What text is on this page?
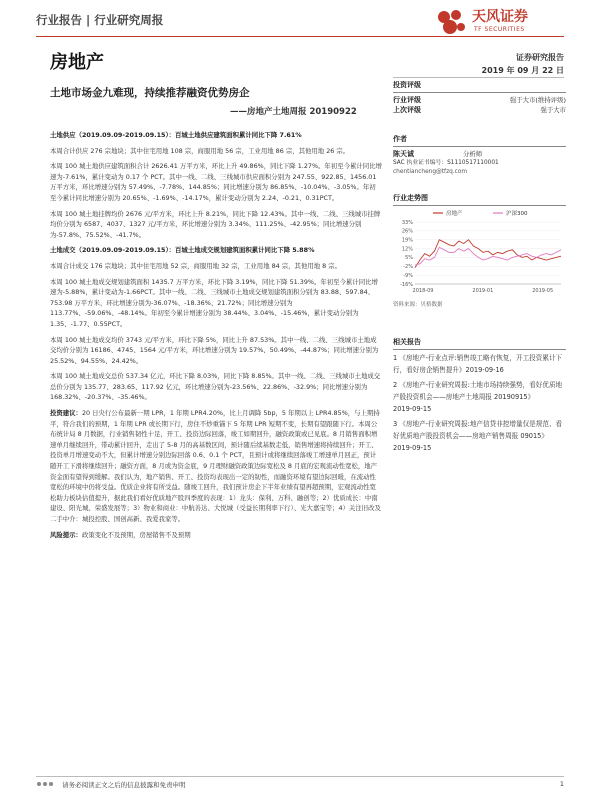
行业报告 | 行业研究周报	天风证券
TF SECURITIES
房地产	证券研究报告
2019 年 09 月 22 日
土地市场金九难现，持续推荐融资优势房企
——房地产土地周报 20190922

土地供应（2019.09.09-2019.09.15）：百城土地供应建筑面积累计同比下降 7.61%

本周合计供应 276 宗地块；其中住宅用地 108 宗，商服用地 56 宗，工业用地 86 宗，其他用地 26 宗。

本周 100 城土地供应建筑面积合计 2626.41 万平方米，环比上升 49.86%，同比下降 1.27%。年初至今累计同比增速为-7.61%，累计变动为 0.17 个 PCT。其中一线、二线、三线城市供应面积分别为 247.55、922.85、1456.01 万平方米，环比增速分别为 57.49%、-7.78%、144.85%；同比增速分别为 86.85%、-10.04%、-3.05%。年初至今累计同比增速分别为 20.65%、-1.69%、-14.17%，累计变动分别为 2.24、-0.21、0.31PCT。

本周 100 城土地挂牌均价 2676 元/平方米，环比上升 8.21%，同比下降 12.43%。其中一线、二线、三线城市挂牌均价分别为 6587、4037、1327 元/平方米，环比增速分别为 3.34%、111.25%、-42.95%；同比增速分别为-57.8%、75.52%、-41.7%。

土地成交（2019.09.09-2019.09.15）：百城土地成交规划建筑面积累计同比下降 5.88%

本周合计成交 176 宗地块；其中住宅用地 52 宗，商服用地 32 宗，工业用地 84 宗，其他用地 8 宗。

本周 100 城土地成交规划建筑面积 1435.7 万平方米，环比下降 3.19%，同比下降 51.39%。年初至今累计同比增速为-5.88%，累计变动为-1.66PCT。其中一线、二线、三线城市土地成交规划建筑面积分别为 83.88、597.84、753.98 万平方米，环比增速分别为-36.07%、-18.36%、21.72%；同比增速分别为 113.77%、-59.06%、-48.14%。年初至今累计增速分别为 38.44%、3.04%、-15.46%，累计变动分别为 1.35、-1.77、0.55PCT。

本周 100 城土地成交均价 3743 元/平方米，环比下降 5%，同比上升 87.53%。其中一线、二线、三线城市土地成交均价分别为 16186、4745、1564 元/平方米，环比增速分别为 19.57%、50.49%、-44.87%；同比增速分别为 25.52%、94.55%、24.42%。

本周 100 城土地成交总价 537.34 亿元，环比下降 8.03%，同比下降 8.85%。其中一线、二线、三线城市土地成交总价分别为 135.77、283.65、117.92 亿元，环比增速分别为-23.56%、22.86%、-32.9%；同比增速分别为 168.32%、-20.37%、-35.46%。

投资建议：20 日央行公布最新一期 LPR，1 年期 LPR4.20%，比上月调降 5bp，5 年期以上 LPR4.85%，与上期持平，符合我们的预期，1 年期 LPR 或长期下行，房住不炒重锚下 5 年期 LPR 短期不变，长期有望跟随下行。本周公布统计局 8 月数据，行业销售韧性十足，开工、投资边际回落，竣工如期回升，融资政策或已见底。8 月销售面积增速单月继续回升，带动累计回升，走出了 5-8 月的高基数区间，预计随后续基数走低，销售增速将持续回升；开工、投资单月增速变动不大，但累计增速分别边际回落 0.6、0.1 个 PCT，且预计或将继续回落竣工增速单月回正，预计随开工下滑将继续回升；融资方面，8 月或为资金底，9 月理财融资政策边际宽松及 8 月底的宏观流动性宽松，地产资金面有望得到缓解。我们认为，地产销售、开工、投资均表现出一定的韧性，而融资环境有望边际回暖，在流动性宽松的环境中仍将受益。优质企业将有所受益。随竣工回升，我们预计房企下半年业绩有望再超预期，宏观流动性宽松助力板块估值提升，据此我们看好优质地产股四季度的表现：1）龙头：保利、万科、融创等；2）优质成长：中南建设、阳光城、荣盛发展等；3）物业和商业：中航善达、大悦城（受益长期利率下行）、光大嘉宝等；4）关注旧改及二手中介：城投控股、国创高新、我爱我家等。

风险提示：政策变化不及预期，房屋销售不及预期

投资评级
行业评级	强于大市(维持评级)
上次评级	强于大市
作者
陈天诚	分析师
SAC 执业证书编号：S1110517110001
chentiancheng@tfzq.com
行业走势图
房地产	沪深300
33%
26%
19%
12%
5%
-2%
-9%
-16%
2018-09	2019-01	2019-05
资料来源：贝格数据
相关报告
1 《房地产-行业点评:销售竣工略有恢复，开工投资累计下行，看好房企销售提升》2019-09-16
2 《房地产-行业研究周报:土地市场持续强势，看好优质地产股投资机会——房地产土地周报 20190915》
2019-09-15
3 《房地产-行业研究周报:地产信贷非控增量仅是规范、看好优质地产股投资机会——房地产销售周报 09015》
2019-09-15
请务必阅读正文之后的信息披露和免责申明	1
